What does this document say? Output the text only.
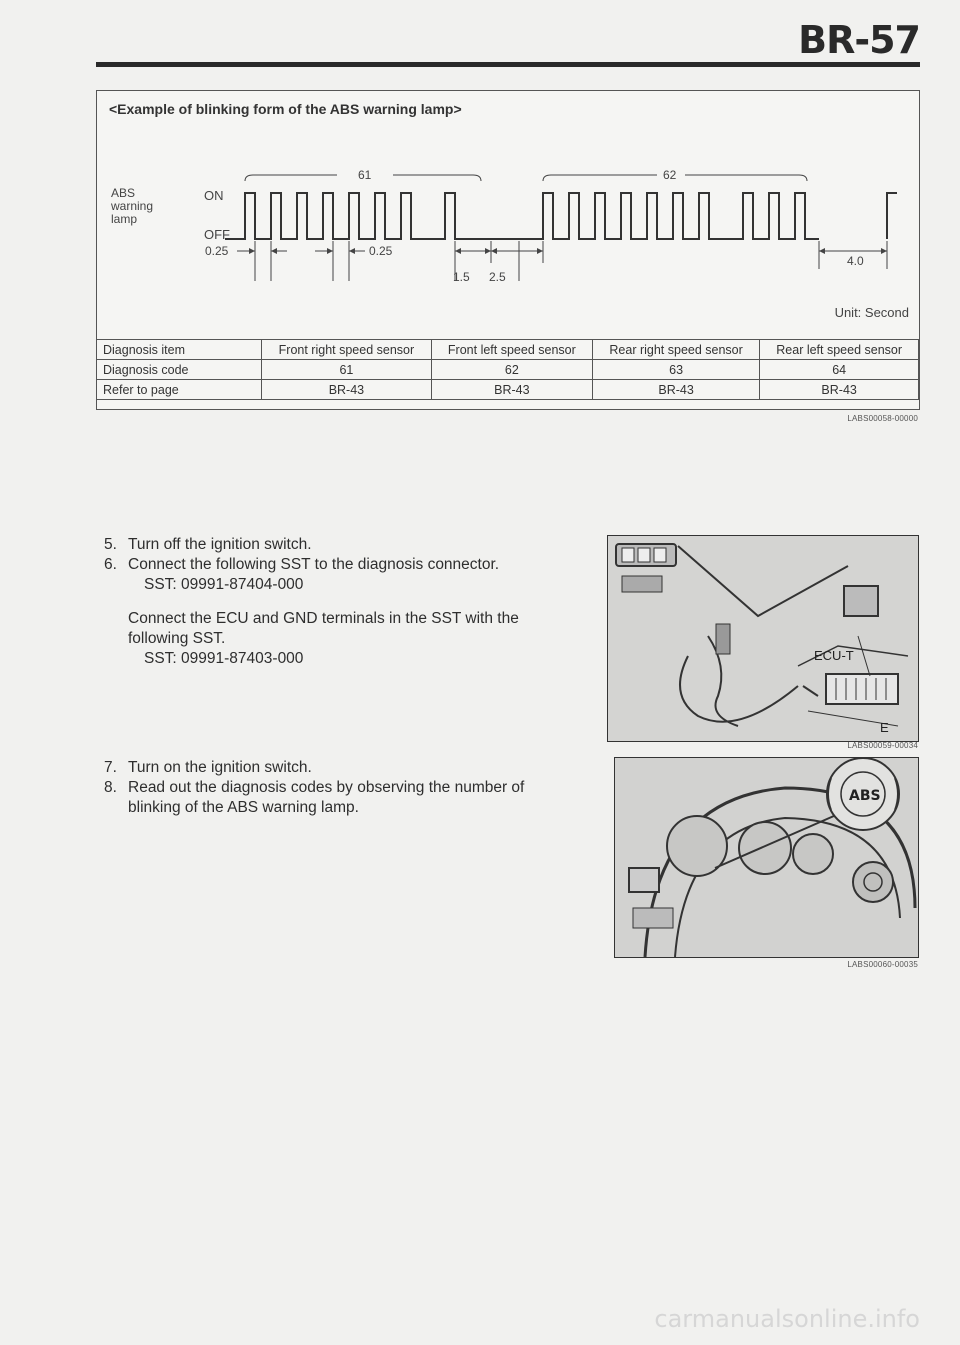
BR-57
<Example of blinking form of the ABS warning lamp>
ABS
warning
lamp
ON
OFF
61	62
0.25	0.25
1.5 2.5
4.0
Unit: Second
Diagnosis item	Front right speed sensor	Front left speed sensor	Rear right speed sensor	Rear left speed sensor
Diagnosis code	61	62	63	64
Refer to page	BR-43	BR-43	BR-43	BR-43
LABS00058-00000
5. Turn off the ignition switch.
6. Connect the following SST to the diagnosis connector.
SST: 09991-87404-000
Connect the ECU and GND terminals in the SST with the
following SST.
SST: 09991-87403-000	ECU-T
E
LABS00059-00034
7. Turn on the ignition switch.
8. Read out the diagnosis codes by observing the number of
blinking of the ABS warning lamp.
ABS
LABS00060-00035
carmanualsonline.info
